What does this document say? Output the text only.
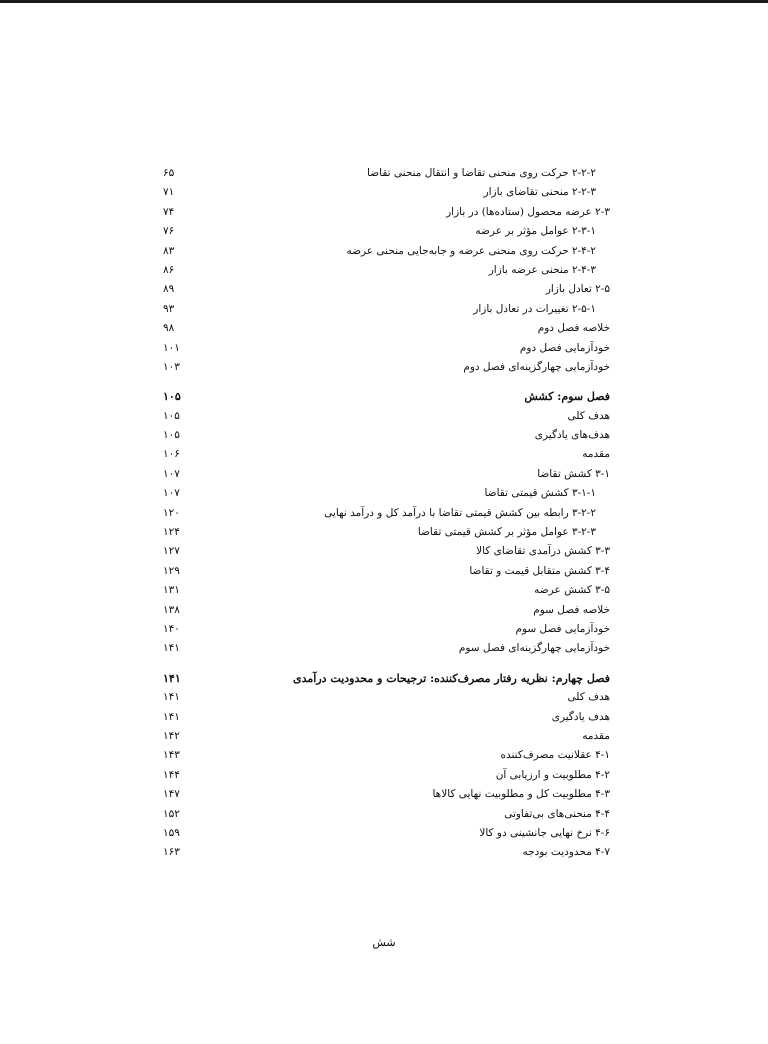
۲-۲-۲ حرکت روی منحنی تقاضا و انتقال منحنی تقاضا
۶۵
۲-۲-۳ منحنی تقاضای بازار
۷۱
۲-۳ عرضه محصول (ستاده‌ها) در بازار
۷۴
۲-۳-۱ عوامل مؤثر بر عرضه
۷۶
۲-۴-۲ حرکت روی منحنی عرضه و جابه‌جایی منحنی عرضه
۸۳
۲-۴-۳ منحنی عرضه بازار
۸۶
۲-۵ تعادل بازار
۸۹
۲-۵-۱ تغییرات در تعادل بازار
۹۳
خلاصه فصل دوم
۹۸
خودآزمایی فصل دوم
۱۰۱
خودآزمایی چهارگزینه‌ای فصل دوم
۱۰۳
فصل سوم: کشش
۱۰۵
هدف کلی
۱۰۵
هدف‌های یادگیری
۱۰۵
مقدمه
۱۰۶
۳-۱ کشش تقاضا
۱۰۷
۳-۱-۱ کشش قیمتی تقاضا
۱۰۷
۳-۲-۲ رابطه بین کشش قیمتی تقاضا با درآمد کل و درآمد نهایی
۱۲۰
۳-۲-۳ عوامل مؤثر بر کشش قیمتی تقاضا
۱۲۴
۳-۳ کشش درآمدی تقاضای کالا
۱۲۷
۳-۴ کشش متقابل قیمت و تقاضا
۱۲۹
۳-۵ کشش عرضه
۱۳۱
خلاصه فصل سوم
۱۳۸
خودآزمایی فصل سوم
۱۴۰
خودآزمایی چهارگزینه‌ای فصل سوم
۱۴۱
فصل چهارم: نظریه رفتار مصرف‌کننده: ترجیحات و محدودیت درآمدی
۱۴۱
هدف کلی
۱۴۱
هدف یادگیری
۱۴۱
مقدمه
۱۴۲
۴-۱ عقلانیت مصرف‌کننده
۱۴۳
۴-۲ مطلوبیت و ارزیابی آن
۱۴۴
۴-۳ مطلوبیت کل و مطلوبیت نهایی کالاها
۱۴۷
۴-۴ منحنی‌های بی‌تفاوتی
۱۵۲
۴-۶ نرخ نهایی جانشینی دو کالا
۱۵۹
۴-۷ محدودیت بودجه
۱۶۳
شش
